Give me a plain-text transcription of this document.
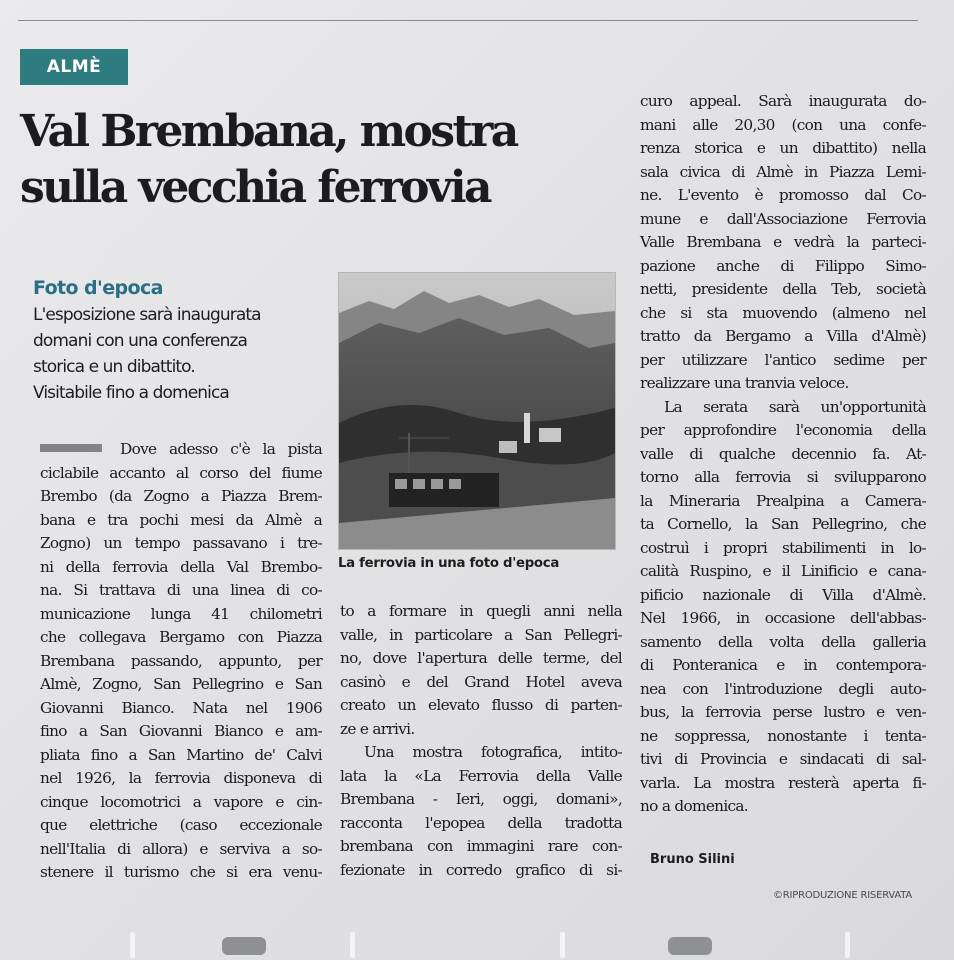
ALMÈ
Val Brembana, mostra
sulla vecchia ferrovia
Foto d'epoca
L'esposizione sarà inaugurata
domani con una conferenza
storica e un dibattito.
Visitabile fino a domenica
La ferrovia in una foto d'epoca
Dove adesso c'è la pista
ciclabile accanto al corso del fiume
Brembo (da Zogno a Piazza Brem-
bana e tra pochi mesi da Almè a
Zogno) un tempo passavano i tre-
ni della ferrovia della Val Brembo-
na. Si trattava di una linea di co-
municazione lunga 41 chilometri
che collegava Bergamo con Piazza
Brembana passando, appunto, per
Almè, Zogno, San Pellegrino e San
Giovanni Bianco. Nata nel 1906
fino a San Giovanni Bianco e am-
pliata fino a San Martino de' Calvi
nel 1926, la ferrovia disponeva di
cinque locomotrici a vapore e cin-
que elettriche (caso eccezionale
nell'Italia di allora) e serviva a so-
stenere il turismo che si era venu-
to a formare in quegli anni nella
valle, in particolare a San Pellegri-
no, dove l'apertura delle terme, del
casinò e del Grand Hotel aveva
creato un elevato flusso di parten-
ze e arrivi.
Una mostra fotografica, intito-
lata la «La Ferrovia della Valle
Brembana - Ieri, oggi, domani»,
racconta l'epopea della tradotta
brembana con immagini rare con-
fezionate in corredo grafico di si-
curo appeal. Sarà inaugurata do-
mani alle 20,30 (con una confe-
renza storica e un dibattito) nella
sala civica di Almè in Piazza Lemi-
ne. L'evento è promosso dal Co-
mune e dall'Associazione Ferrovia
Valle Brembana e vedrà la parteci-
pazione anche di Filippo Simo-
netti, presidente della Teb, società
che si sta muovendo (almeno nel
tratto da Bergamo a Villa d'Almè)
per utilizzare l'antico sedime per
realizzare una tranvia veloce.
La serata sarà un'opportunità
per approfondire l'economia della
valle di qualche decennio fa. At-
torno alla ferrovia si svilupparono
la Mineraria Prealpina a Camera-
ta Cornello, la San Pellegrino, che
costruì i propri stabilimenti in lo-
calità Ruspino, e il Linificio e cana-
pificio nazionale di Villa d'Almè.
Nel 1966, in occasione dell'abbas-
samento della volta della galleria
di Ponteranica e in contempora-
nea con l'introduzione degli auto-
bus, la ferrovia perse lustro e ven-
ne soppressa, nonostante i tenta-
tivi di Provincia e sindacati di sal-
varla. La mostra resterà aperta fi-
no a domenica.
Bruno Silini
©RIPRODUZIONE RISERVATA
